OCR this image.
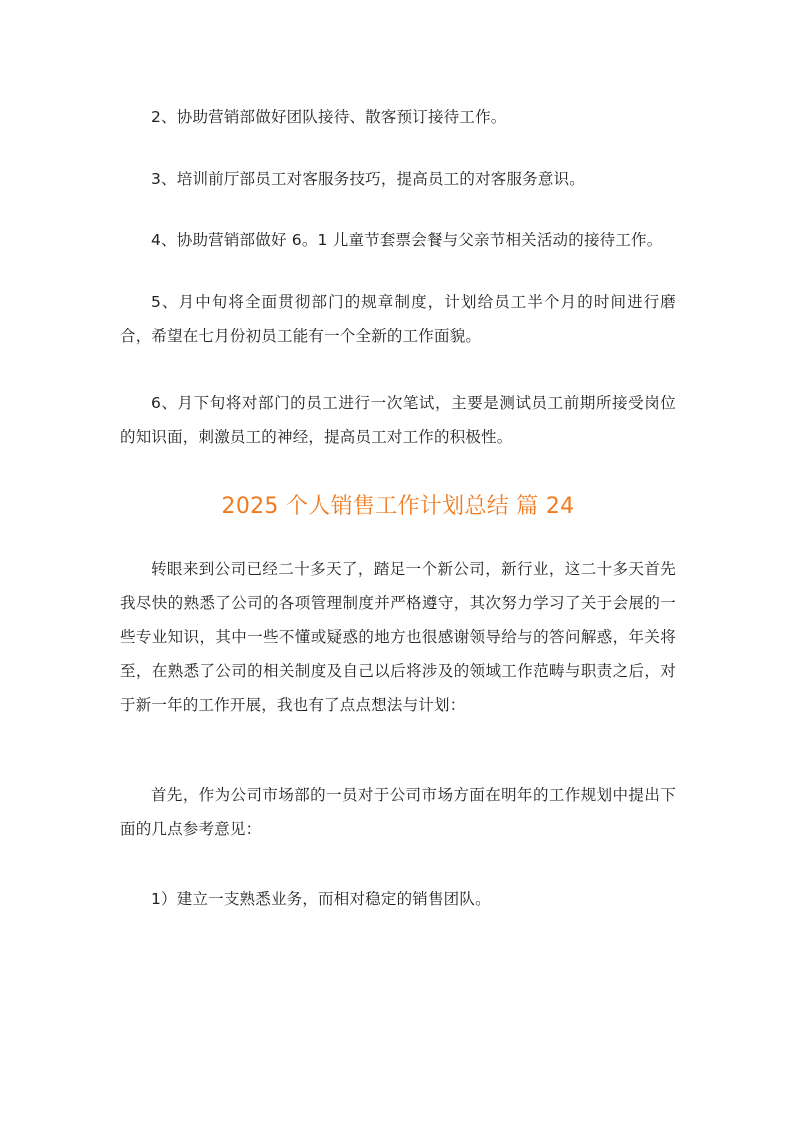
2、协助营销部做好团队接待、散客预订接待工作。

3、培训前厅部员工对客服务技巧，提高员工的对客服务意识。

4、协助营销部做好 6。1 儿童节套票会餐与父亲节相关活动的接待工作。

5、月中旬将全面贯彻部门的规章制度，计划给员工半个月的时间进行磨合，希望在七月份初员工能有一个全新的工作面貌。

6、月下旬将对部门的员工进行一次笔试，主要是测试员工前期所接受岗位的知识面，刺激员工的神经，提高员工对工作的积极性。

2025 个人销售工作计划总结 篇 24

转眼来到公司已经二十多天了，踏足一个新公司，新行业，这二十多天首先我尽快的熟悉了公司的各项管理制度并严格遵守，其次努力学习了关于会展的一些专业知识，其中一些不懂或疑惑的地方也很感谢领导给与的答问解惑，年关将至，在熟悉了公司的相关制度及自己以后将涉及的领域工作范畴与职责之后，对于新一年的工作开展，我也有了点点想法与计划：

首先，作为公司市场部的一员对于公司市场方面在明年的工作规划中提出下面的几点参考意见：

1）建立一支熟悉业务，而相对稳定的销售团队。
